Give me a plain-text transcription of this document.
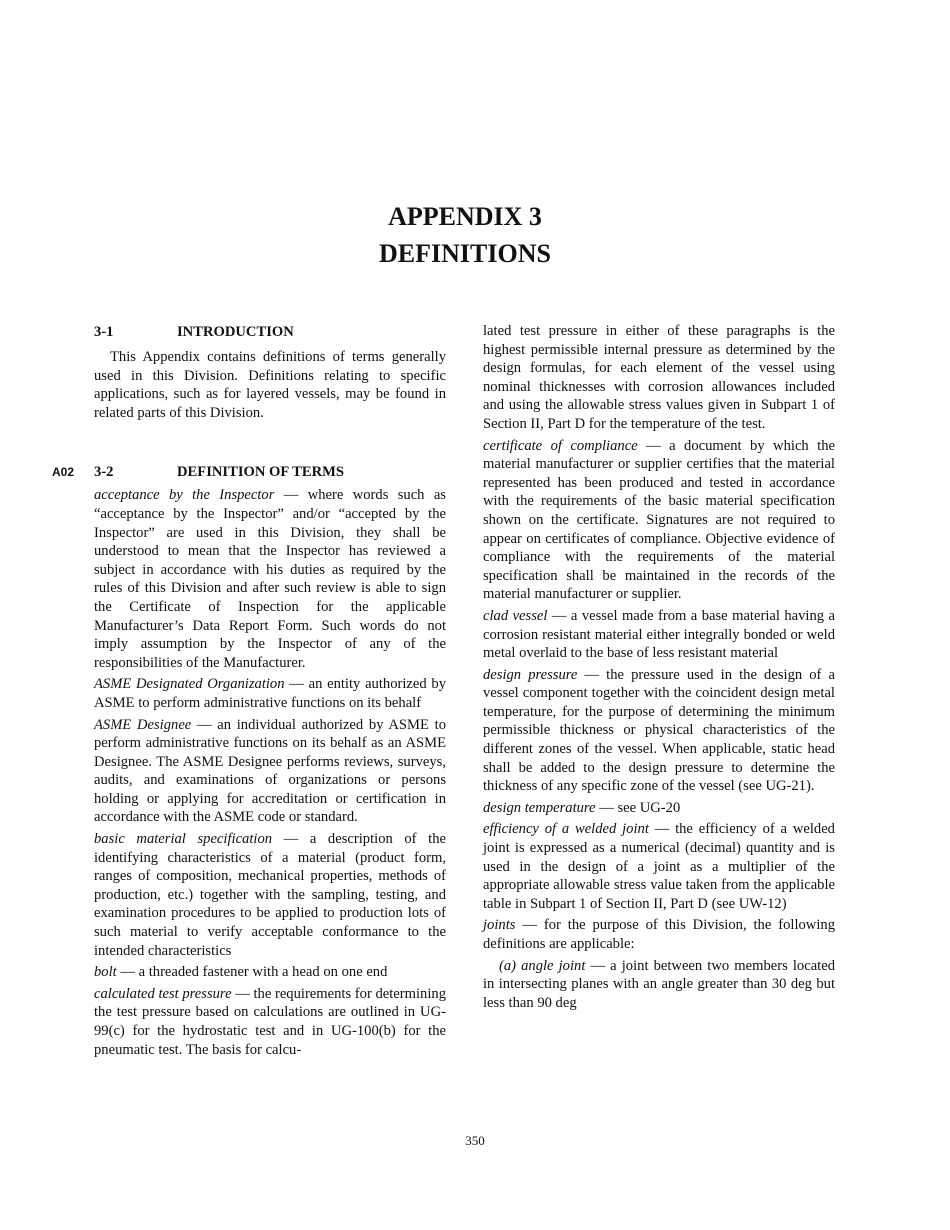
APPENDIX 3
DEFINITIONS
3-1	INTRODUCTION

This Appendix contains definitions of terms generally used in this Division. Definitions relating to specific applications, such as for layered vessels, may be found in related parts of this Division.

A02 3-2	DEFINITION OF TERMS

acceptance by the Inspector — where words such as “acceptance by the Inspector” and/or “accepted by the Inspector” are used in this Division, they shall be understood to mean that the Inspector has reviewed a subject in accordance with his duties as required by the rules of this Division and after such review is able to sign the Certificate of Inspection for the applicable Manufacturer’s Data Report Form. Such words do not imply assumption by the Inspector of any of the responsibilities of the Manufacturer.

ASME Designated Organization — an entity authorized by ASME to perform administrative functions on its behalf

ASME Designee — an individual authorized by ASME to perform administrative functions on its behalf as an ASME Designee. The ASME Designee performs reviews, surveys, audits, and examinations of organizations or persons holding or applying for accreditation or certification in accordance with the ASME code or standard.

basic material specification — a description of the identifying characteristics of a material (product form, ranges of composition, mechanical properties, methods of production, etc.) together with the sampling, testing, and examination procedures to be applied to production lots of such material to verify acceptable conformance to the intended characteristics

bolt — a threaded fastener with a head on one end

calculated test pressure — the requirements for determining the test pressure based on calculations are outlined in UG-99(c) for the hydrostatic test and in UG-100(b) for the pneumatic test. The basis for calcu-

lated test pressure in either of these paragraphs is the highest permissible internal pressure as determined by the design formulas, for each element of the vessel using nominal thicknesses with corrosion allowances included and using the allowable stress values given in Subpart 1 of Section II, Part D for the temperature of the test.

certificate of compliance — a document by which the material manufacturer or supplier certifies that the material represented has been produced and tested in accordance with the requirements of the basic material specification shown on the certificate. Signatures are not required to appear on certificates of compliance. Objective evidence of compliance with the requirements of the material specification shall be maintained in the records of the material manufacturer or supplier.

clad vessel — a vessel made from a base material having a corrosion resistant material either integrally bonded or weld metal overlaid to the base of less resistant material

design pressure — the pressure used in the design of a vessel component together with the coincident design metal temperature, for the purpose of determining the minimum permissible thickness or physical characteristics of the different zones of the vessel. When applicable, static head shall be added to the design pressure to determine the thickness of any specific zone of the vessel (see UG-21).

design temperature — see UG-20

efficiency of a welded joint — the efficiency of a welded joint is expressed as a numerical (decimal) quantity and is used in the design of a joint as a multiplier of the appropriate allowable stress value taken from the applicable table in Subpart 1 of Section II, Part D (see UW-12)

joints — for the purpose of this Division, the following definitions are applicable:

(a) angle joint — a joint between two members located in intersecting planes with an angle greater than 30 deg but less than 90 deg

350
